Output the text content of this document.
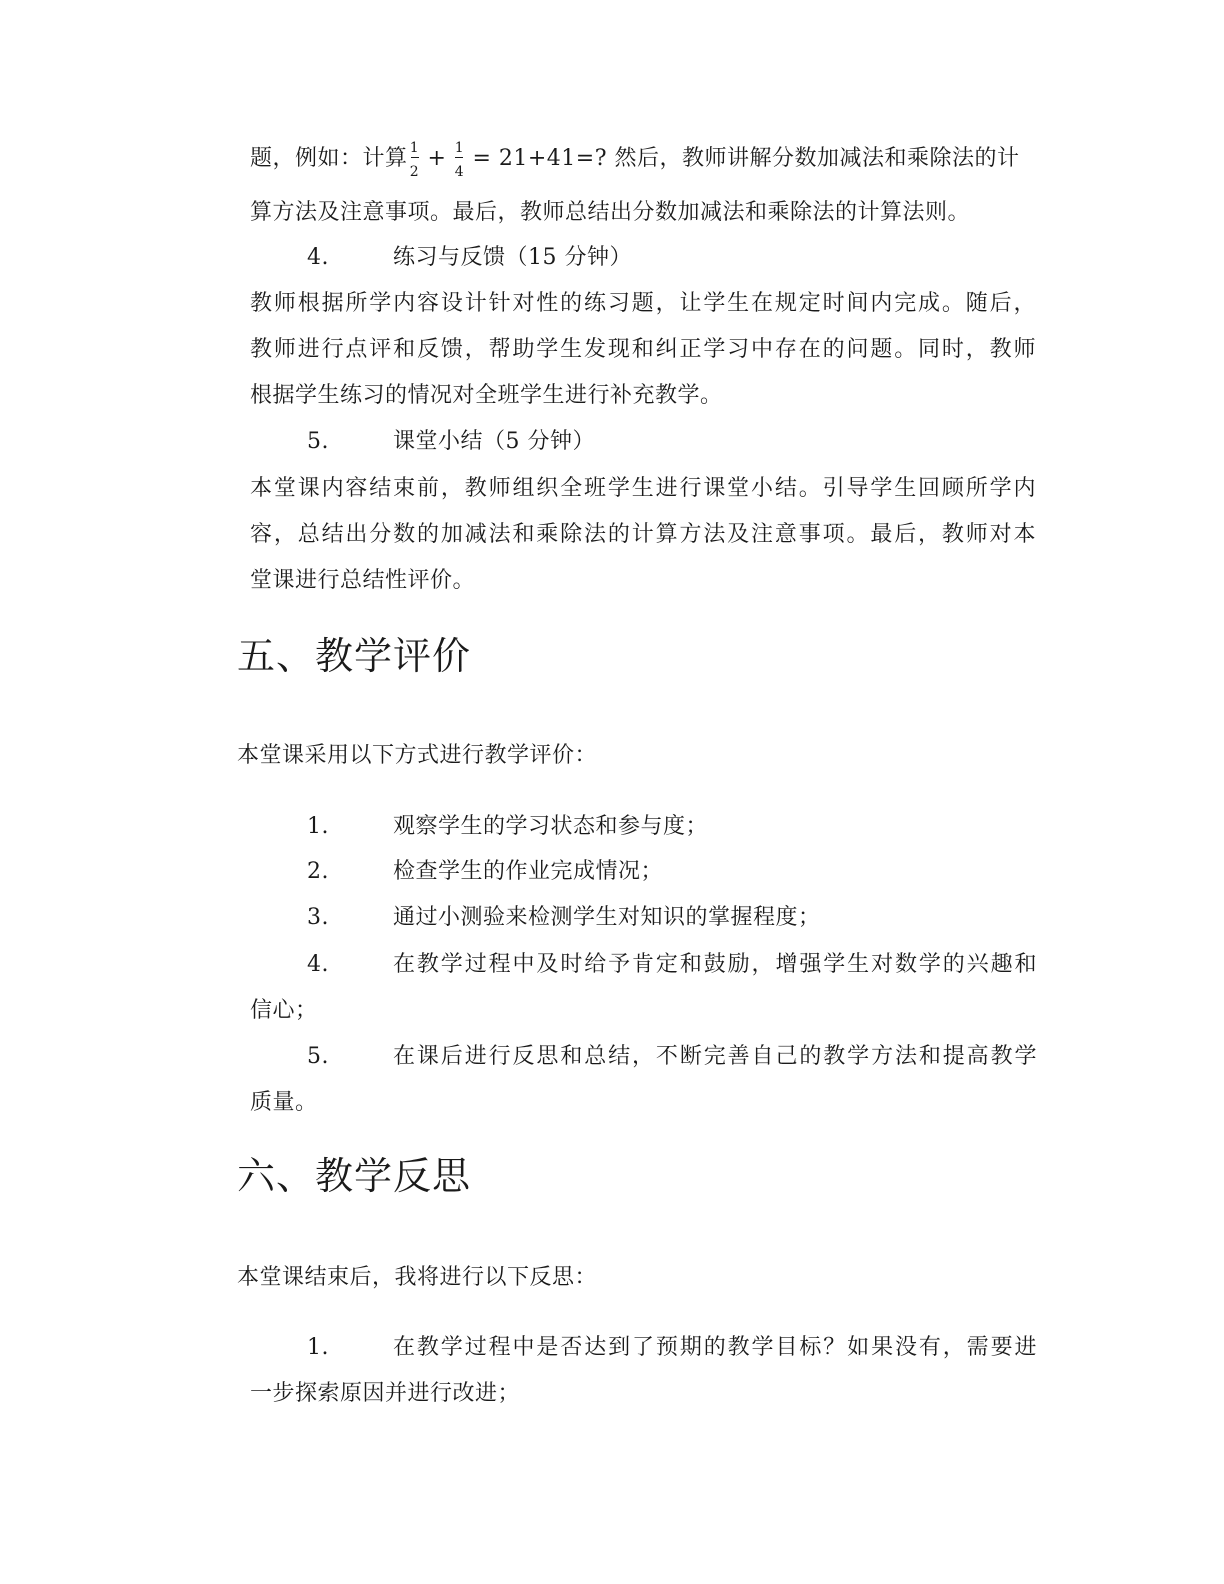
题，例如：计算 $\frac{1}{2} + \frac{1}{4} = 21+41=$? 然后，教师讲解分数加减法和乘除法的计
算方法及注意事项。最后，教师总结出分数加减法和乘除法的计算法则。
4.	练习与反馈（15 分钟）
教师根据所学内容设计针对性的练习题，让学生在规定时间内完成。随后，
教师进行点评和反馈，帮助学生发现和纠正学习中存在的问题。同时，教师
根据学生练习的情况对全班学生进行补充教学。
5.	课堂小结（5 分钟）
本堂课内容结束前，教师组织全班学生进行课堂小结。引导学生回顾所学内
容，总结出分数的加减法和乘除法的计算方法及注意事项。最后，教师对本
堂课进行总结性评价。
五、教学评价
本堂课采用以下方式进行教学评价：
1.	观察学生的学习状态和参与度；
2.	检查学生的作业完成情况；
3.	通过小测验来检测学生对知识的掌握程度；
4.	在教学过程中及时给予肯定和鼓励，增强学生对数学的兴趣和
信心；
5.	在课后进行反思和总结，不断完善自己的教学方法和提高教学
质量。
六、教学反思
本堂课结束后，我将进行以下反思：
1.	在教学过程中是否达到了预期的教学目标？如果没有，需要进
一步探索原因并进行改进；
